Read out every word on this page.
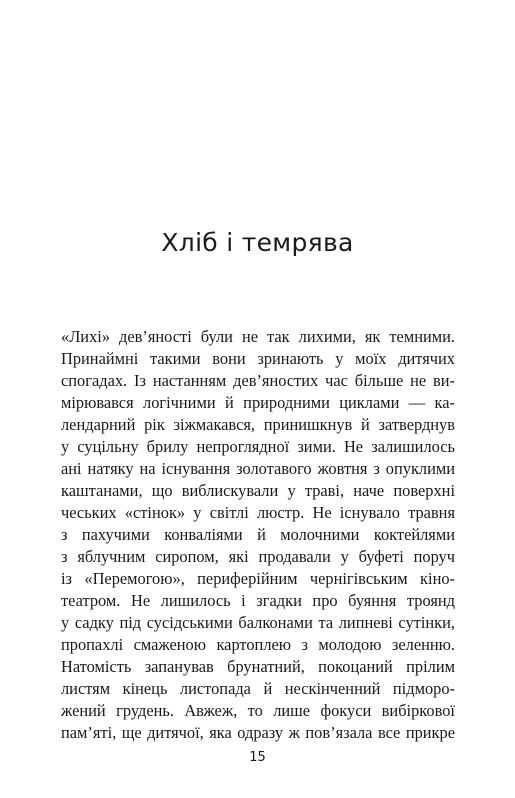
Хліб і темрява
«Лихі» дев’яності були не так лихими, як темними.
Принаймні такими вони зринають у моїх дитячих
спогадах. Із настанням дев’яностих час більше не ви-
мірювався логічними й природними циклами — ка-
лендарний рік зіжмакався, принишкнув й затверднув
у суцільну брилу непроглядної зими. Не залишилось
ані натяку на існування золотавого жовтня з опуклими
каштанами, що виблискували у траві, наче поверхні
чеських «стінок» у світлі люстр. Не існувало травня
з пахучими конваліями й молочними коктейлями
з яблучним сиропом, які продавали у буфеті поруч
із «Перемогою», периферійним чернігівським кіно-
театром. Не лишилось і згадки про буяння троянд
у садку під сусідськими балконами та липневі сутінки,
пропахлі смаженою картоплею з молодою зеленню.
Натомість запанував брунатний, покоцаний прілим
листям кінець листопада й нескінченний підморо-
жений грудень. Авжеж, то лише фокуси вибіркової
пам’яті, ще дитячої, яка одразу ж пов’язала все прикре
15
